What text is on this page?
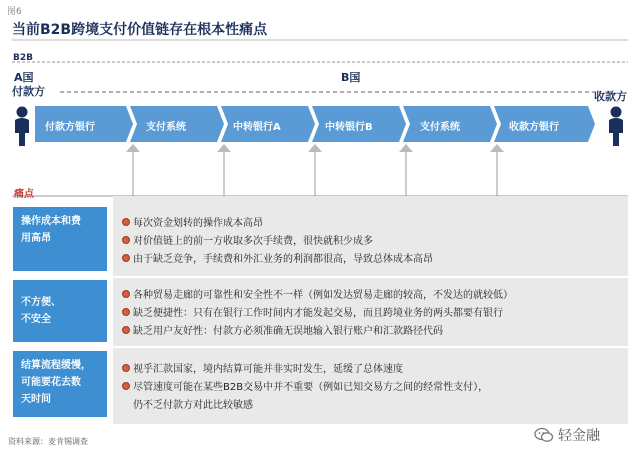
图6
当前B2B跨境支付价值链存在根本性痛点
B2B
A国	B国
付款方	收款方
付款方银行	支付系统	中转银行A	中转银行B	支付系统	收款方银行
痛点
操作成本和费
用高昂
每次资金划转的操作成本高昂
对价值链上的前一方收取多次手续费，很快就积少成多
由于缺乏竞争，手续费和外汇业务的利润都很高，导致总体成本高昂
不方便、
不安全
各种贸易走廊的可靠性和安全性不一样（例如发达贸易走廊的较高，不发达的就较低）
缺乏便捷性：只有在银行工作时间内才能发起交易，而且跨境业务的两头都要有银行
缺乏用户友好性：付款方必须准确无误地输入银行账户和汇款路径代码
结算流程缓慢，
可能要花去数
天时间
视乎汇款国家，境内结算可能并非实时发生，延缓了总体速度
尽管速度可能在某些B2B交易中并不重要（例如已知交易方之间的经常性支付），
仍不乏付款方对此比较敏感
资料来源：麦肯锡调查	轻金融
